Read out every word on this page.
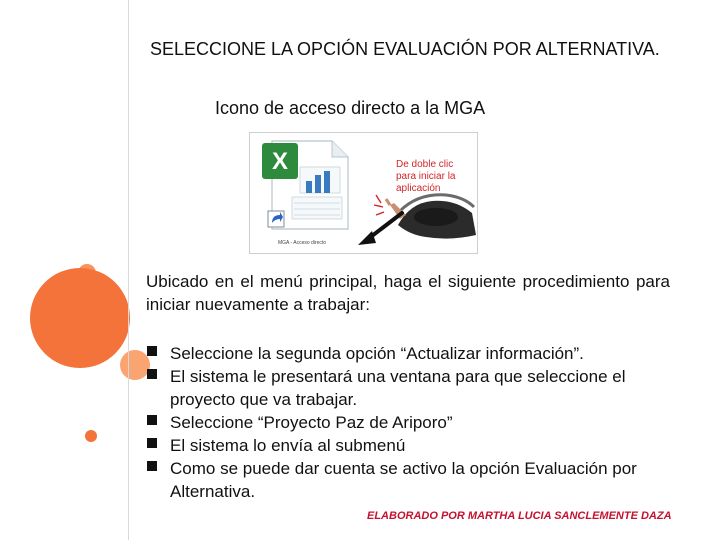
SELECCIONE LA OPCIÓN EVALUACIÓN POR ALTERNATIVA.
Icono de acceso directo a la MGA
X
MGA - Acceso directo
De doble clic
para iniciar la
aplicación
Ubicado en el menú principal, haga el siguiente procedimiento para iniciar nuevamente a trabajar:
Seleccione la segunda opción “Actualizar información”.
El sistema le presentará una ventana para que seleccione el proyecto que va trabajar.
Seleccione “Proyecto Paz de Ariporo”
El sistema lo envía al submenú
Como se puede dar cuenta se activo la opción Evaluación por Alternativa.
ELABORADO POR MARTHA LUCIA SANCLEMENTE DAZA
